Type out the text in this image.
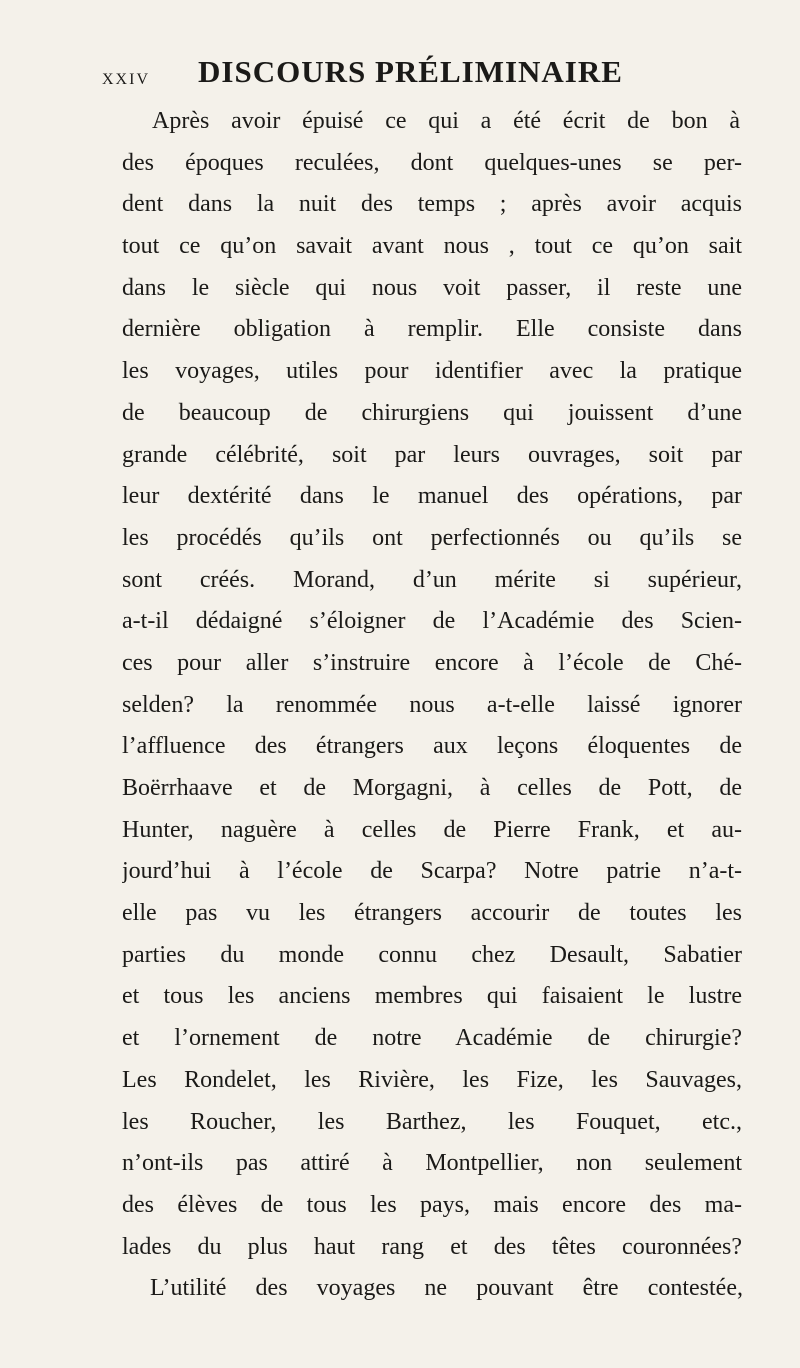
xxiv DISCOURS PRÉLIMINAIRE
Après avoir épuisé ce qui a été écrit de bon à
des époques reculées, dont quelques-unes se per-
dent dans la nuit des temps ; après avoir acquis
tout ce qu’on savait avant nous , tout ce qu’on sait
dans le siècle qui nous voit passer, il reste une
dernière obligation à remplir. Elle consiste dans
les voyages, utiles pour identifier avec la pratique
de beaucoup de chirurgiens qui jouissent d’une
grande célébrité, soit par leurs ouvrages, soit par
leur dextérité dans le manuel des opérations, par
les procédés qu’ils ont perfectionnés ou qu’ils se
sont créés. Morand, d’un mérite si supérieur,
a-t-il dédaigné s’éloigner de l’Académie des Scien-
ces pour aller s’instruire encore à l’école de Ché-
selden? la renommée nous a-t-elle laissé ignorer
l’affluence des étrangers aux leçons éloquentes de
Boërrhaave et de Morgagni, à celles de Pott, de
Hunter, naguère à celles de Pierre Frank, et au-
jourd’hui à l’école de Scarpa? Notre patrie n’a-t-
elle pas vu les étrangers accourir de toutes les
parties du monde connu chez Desault, Sabatier
et tous les anciens membres qui faisaient le lustre
et l’ornement de notre Académie de chirurgie?
Les Rondelet, les Rivière, les Fize, les Sauvages,
les Roucher, les Barthez, les Fouquet, etc.,
n’ont-ils pas attiré à Montpellier, non seulement
des élèves de tous les pays, mais encore des ma-
lades du plus haut rang et des têtes couronnées?
L’utilité des voyages ne pouvant être contestée,
